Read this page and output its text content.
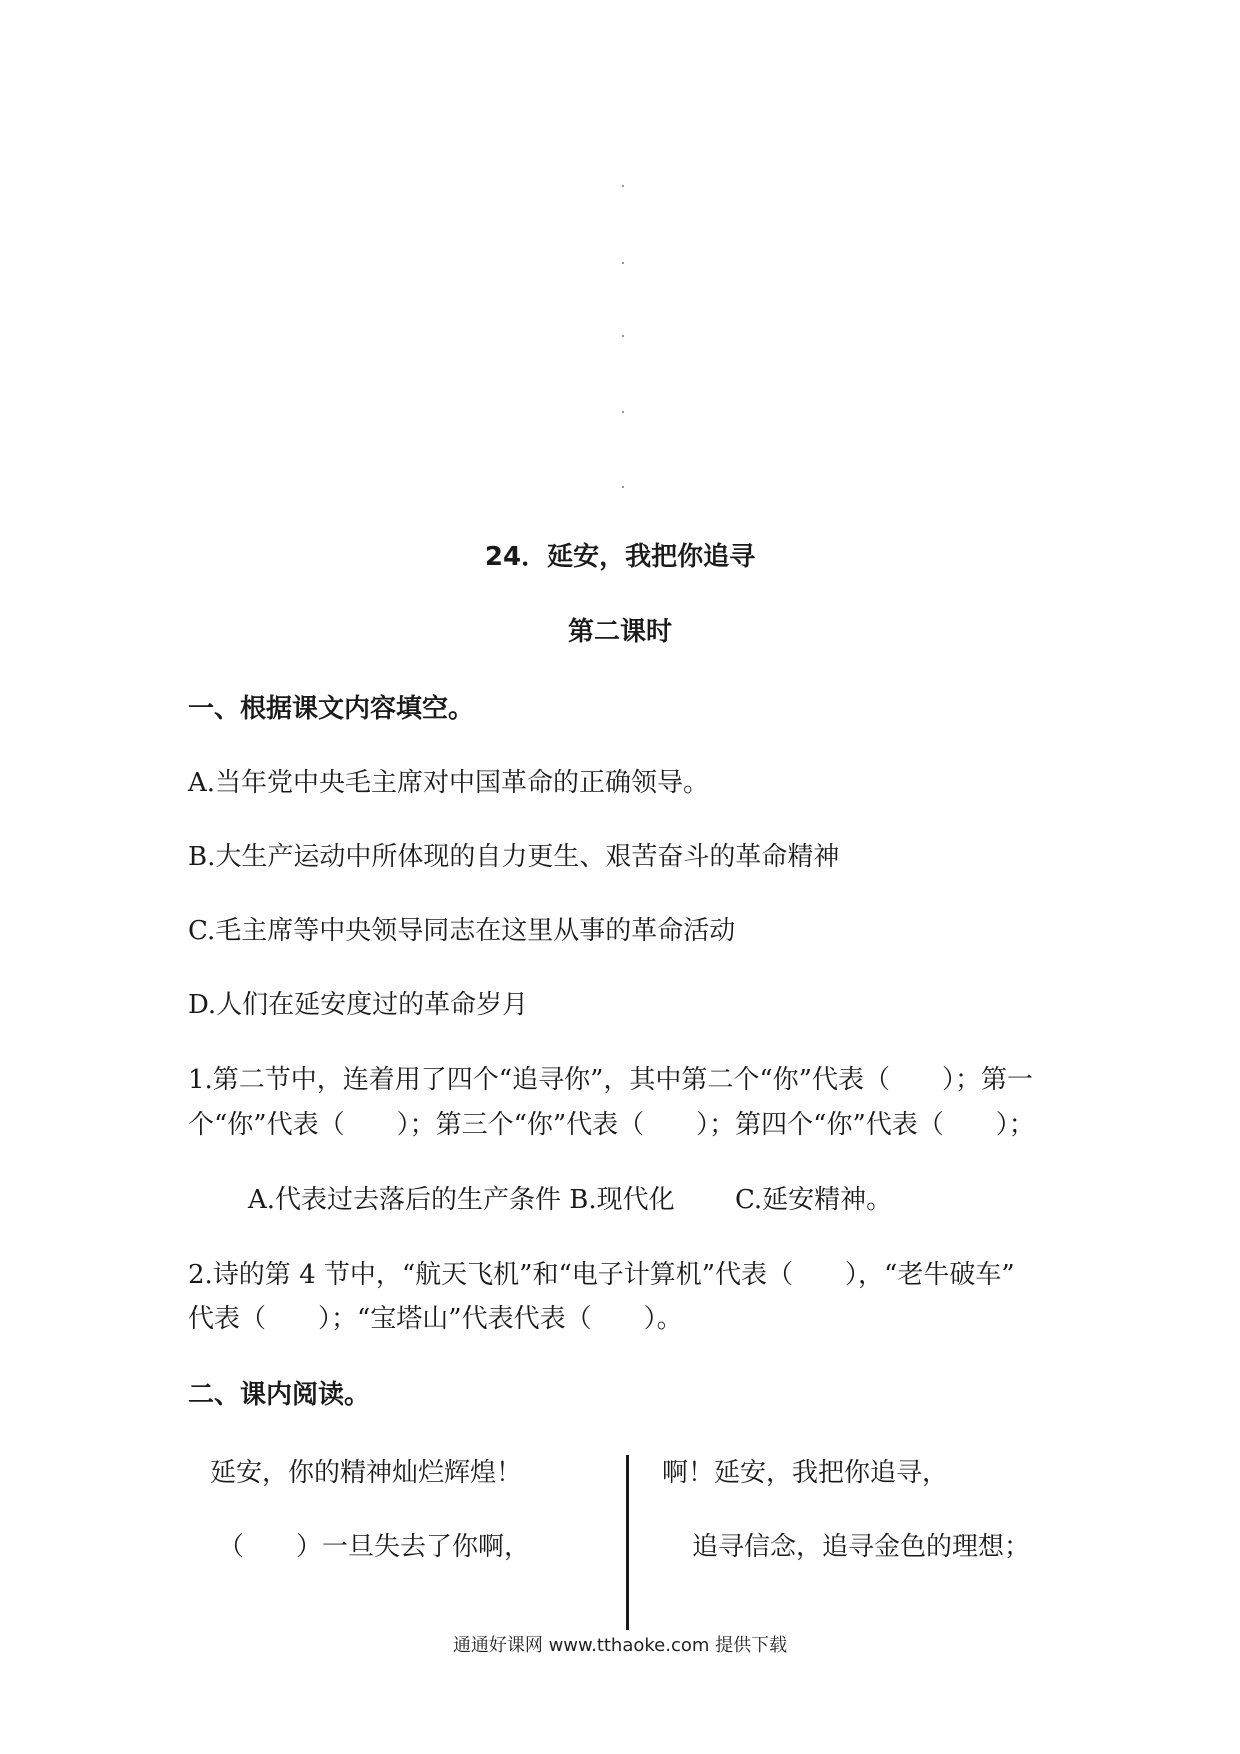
24．延安，我把你追寻
第二课时
一、根据课文内容填空。
A.当年党中央毛主席对中国革命的正确领导。
B.大生产运动中所体现的自力更生、艰苦奋斗的革命精神
C.毛主席等中央领导同志在这里从事的革命活动
D.人们在延安度过的革命岁月
1.第二节中，连着用了四个“追寻你”，其中第二个“你”代表（　　）；第一
个“你”代表（　　）；第三个“你”代表（　　）；第四个“你”代表（　　）；
A.代表过去落后的生产条件 B.现代化　　 C.延安精神。
2.诗的第 4 节中，“航天飞机”和“电子计算机”代表（　　），“老牛破车”
代表（　　）；“宝塔山”代表代表（　　）。
二、课内阅读。
延安，你的精神灿烂辉煌！
（　　）一旦失去了你啊，
啊！延安，我把你追寻，
追寻信念，追寻金色的理想；
通通好课网 www.tthaoke.com 提供下载
